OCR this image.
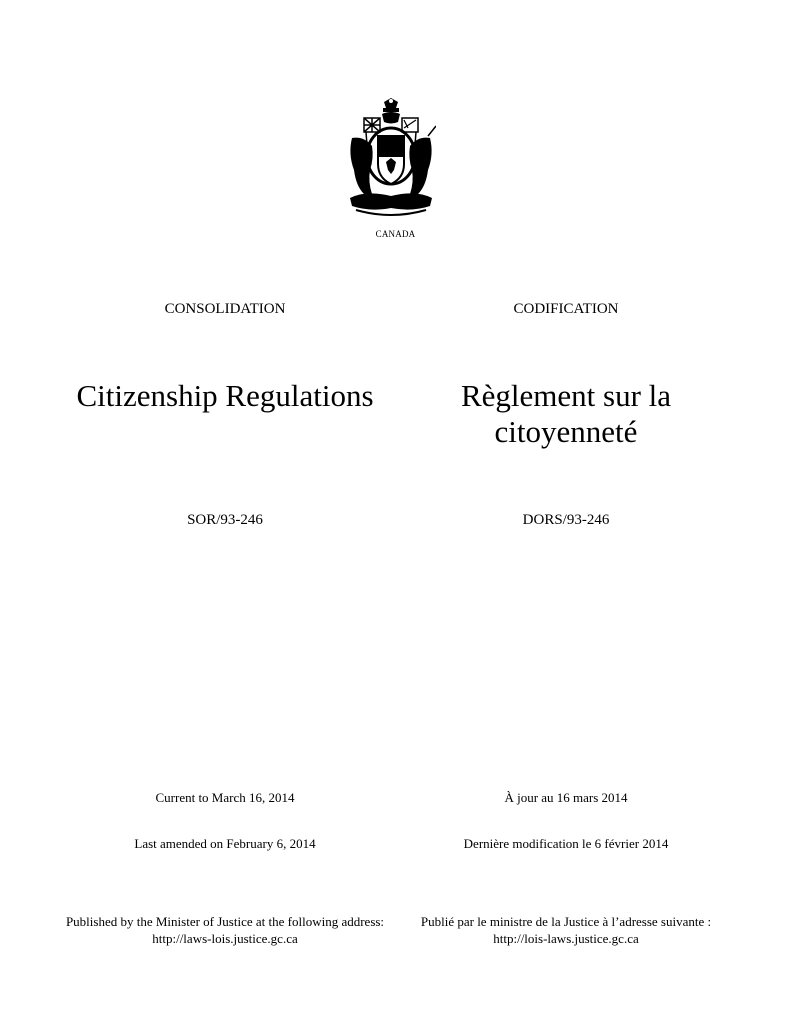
CANADA
CONSOLIDATION
Citizenship Regulations
SOR/93-246
Current to March 16, 2014
Last amended on February 6, 2014
Published by the Minister of Justice at the following address:
http://laws-lois.justice.gc.ca
CODIFICATION
Règlement sur la citoyenneté
DORS/93-246
À jour au 16 mars 2014
Dernière modification le 6 février 2014
Publié par le ministre de la Justice à l’adresse suivante :
http://lois-laws.justice.gc.ca
